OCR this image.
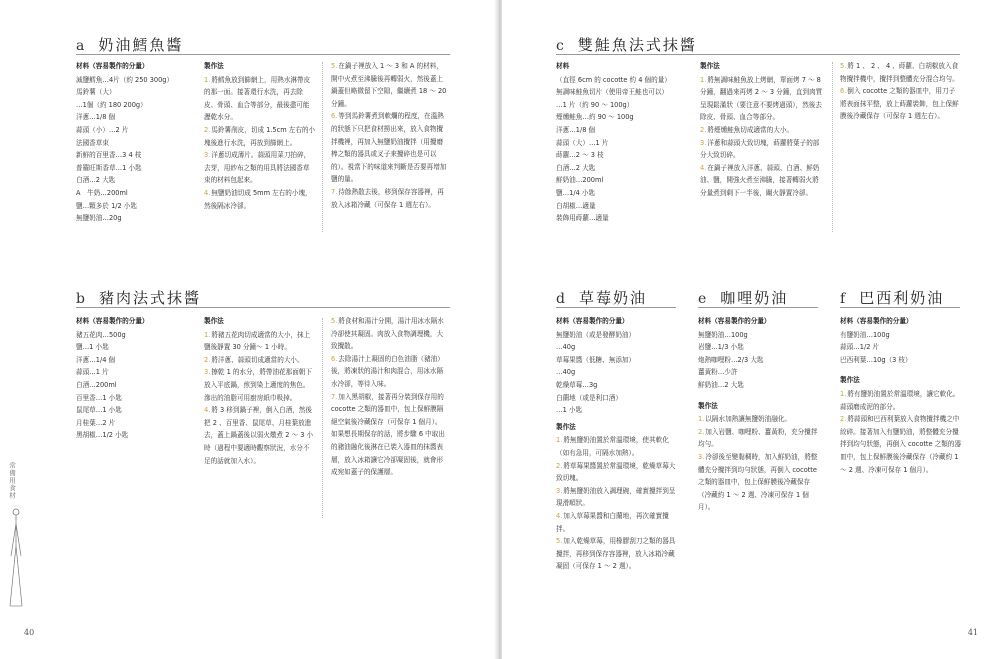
a 奶油鱈魚醬
材料（容易製作的分量）
減鹽鱈魚…4片（約 250 300g）
馬鈴薯（大）
…1個（約 180 200g）
洋蔥…1/8 個
蒜頭（小）…2 片
法國香草束
新鮮的百里香…3 4 枝
普羅旺斯香草…1 小匙
白酒…2 大匙
A　牛奶…200ml
鹽…顆多於 1/2 小匙
無鹽奶油…20g
製作法
1.將鱈魚放到篩網上，用熱水淋帶皮的那一面。接著還行水洗，再去除皮、骨頭、血合等部分，最後盡可能瀝乾水分。
2.馬鈴薯削皮，切成 1.5cm 左右的小塊後進行水洗，再放到篩網上。
3.洋蔥切成薄片。蒜頭用菜刀拍碎，去芽，用紗布之類的用具將法國香草束的材料包起來。
4.無鹽奶油切成 5mm 左右的小塊，然後隔冰冷卻。
5.在鍋子裡放入 1 ～ 3 和 A 的材料，開中火煮至沸騰後再轉弱火，然後蓋上鍋蓋但略微留下空隙，繼續煮 18 ～ 20 分鐘。
6.等到馬鈴薯煮到軟爛的程度，在溫熱的狀態下只把食材撈出來，放入食物攪拌機裡，再加入無鹽奶油攪拌（用攪磨棒之類的器具或叉子來攪碎也是可以的）。視當下的味道來判斷是否要再增加鹽的量。
7.待餘熱散去後，移到保存容器裡，再放入冰箱冷藏（可保存 1 週左右）。
b 豬肉法式抹醬
材料（容易製作的分量）
豬五花肉…500g
鹽…1 小匙
洋蔥…1/4 個
蒜頭…1 片
白酒…200ml
百里香…1 小匙
鼠尾草…1 小匙
月桂葉…2 片
黑胡椒…1/2 小匙
製作法
1.將豬五花肉切成適當的大小，抹上鹽後靜置 30 分鐘～ 1 小時。
2.將洋蔥、蒜頭切成適當的大小。
3.擦乾 1 的水分，將帶油花那面朝下放入平底鍋，煎到染上適度的焦色。滲出的油脂可用廚房紙巾吸掉。
4.將 3 移到鍋子裡，倒入白酒，然後把 2 、百里香、鼠尾草、月桂葉放進去，蓋上鍋蓋後以弱火燉煮 2 ～ 3 小時（過程中要適時觀察狀況，水分不足的話就加入水）。
5.將食材和湯汁分開，湯汁用冰水隔水冷卻使其凝固。肉放入食物調理機，大致攪散。
6.去除湯汁上凝固的白色油脂（豬油）後，將凍狀的湯汁和肉混合，用冰水隔水冷卻，等待入味。
7.加入黑胡椒，接著再分裝到保存用的 cocotte 之類的器皿中，包上保鮮膜隔絕空氣後冷藏保存（可保存 1 個月）。如果想長期保存的話，將步驟 6 中取出的豬油融化後淋在已裝入器皿的抹醬表層，放入冰箱讓它冷卻凝固後，就會形成宛如蓋子的保護層。
常備用食材
40
c 雙鮭魚法式抹醬
材料
（直徑 6cm 的 cocotte 約 4 個的量）
無調味鮭魚切片（使用帝王鮭也可以）
…1 片（約 90 ～ 100g）
煙燻鮭魚…約 90 ～ 100g
洋蔥…1/8 個
蒜頭（大）…1 片
蒔蘿…2 ～ 3 枝
白酒…2 大匙
鮮奶油…200ml
鹽…1/4 小匙
白胡椒…適量
裝飾用蒔蘿…適量
製作法
1.將無調味鮭魚放上烤網，單面烤 7 ～ 8 分鐘，翻過來再烤 2 ～ 3 分鐘，直到肉質呈現鬆滿狀（要注意不要烤過頭），然後去除皮、骨頭、血合等部分。
2.將煙燻鮭魚切成適當的大小。
3.洋蔥和蒜頭大致切塊，蒔蘿將葉子的部分大致切碎。
4.在鍋子裡放入洋蔥、蒜頭、白酒、鮮奶油、鹽，開強火煮至沸騰，接著轉弱火將分量煮到剩下一半後，關火靜置冷卻。
5.將 1 、 2 、 4 、蒔蘿、白胡椒放入食物攪拌機中，攪拌到整體充分混合均勻。
6.倒入 cocotte 之類的器皿中，用刀子將表面抹平整，放上蒔蘿裝飾，包上保鮮膜後冷藏保存（可保存 1 週左右）。
d 草莓奶油
材料（容易製作的分量）
無鹽奶油（或是發酵奶油）
…40g
草莓果醬（低糖、無添加）
…40g
乾燥草莓…3g
白蘭地（或是利口酒）
…1 小匙
製作法
1.將無鹽奶油置於常溫環境，使其軟化（如有急用，可隔水加熱）。
2.將草莓果醬置於常溫環境，乾燥草莓大致切塊。
3.將無鹽奶油放入調理碗，確實攪拌到呈現滑順狀。
4.加入草莓果醬和白蘭地，再次確實攪拌。
5.加入乾燥草莓，用橡膠刮刀之類的器具攪拌，再移到保存容器裡，放入冰箱冷藏凝固（可保存 1 ～ 2 週）。
e 咖哩奶油
材料（容易製作的分量）
無鹽奶油…100g
岩鹽…1/3 小匙
炮熱咖哩粉…2/3 大匙
薑黃粉…少許
鮮奶油…2 大匙
製作法
1.以隔水加熱讓無鹽奶油融化。
2.加入岩鹽、咖哩粉、薑黃粉，充分攪拌均勻。
3.冷卻後至變黏稠時，加入鮮奶油，將整體充分攪拌到均勻狀態，再倒入 cocotte 之類的器皿中，包上保鮮膜後冷藏保存（冷藏約 1 ～ 2 週、冷凍可保存 1 個月）。
f 巴西利奶油
材料（容易製作的分量）
有鹽奶油…100g
蒜頭…1/2 片
巴西利葉…10g（3 枝）
製作法
1.將有鹽奶油置於常溫環境，讓它軟化。蒜頭磨成泥的部分。
2.將蒜頭和巴西利葉放入食物攪拌機之中絞碎。接著加入有鹽奶油，將整體充分攪拌到均勻狀態，再倒入 cocotte 之類的器皿中，包上保鮮膜後冷藏保存（冷藏約 1 ～ 2 週、冷凍可保存 1 個月）。
41
